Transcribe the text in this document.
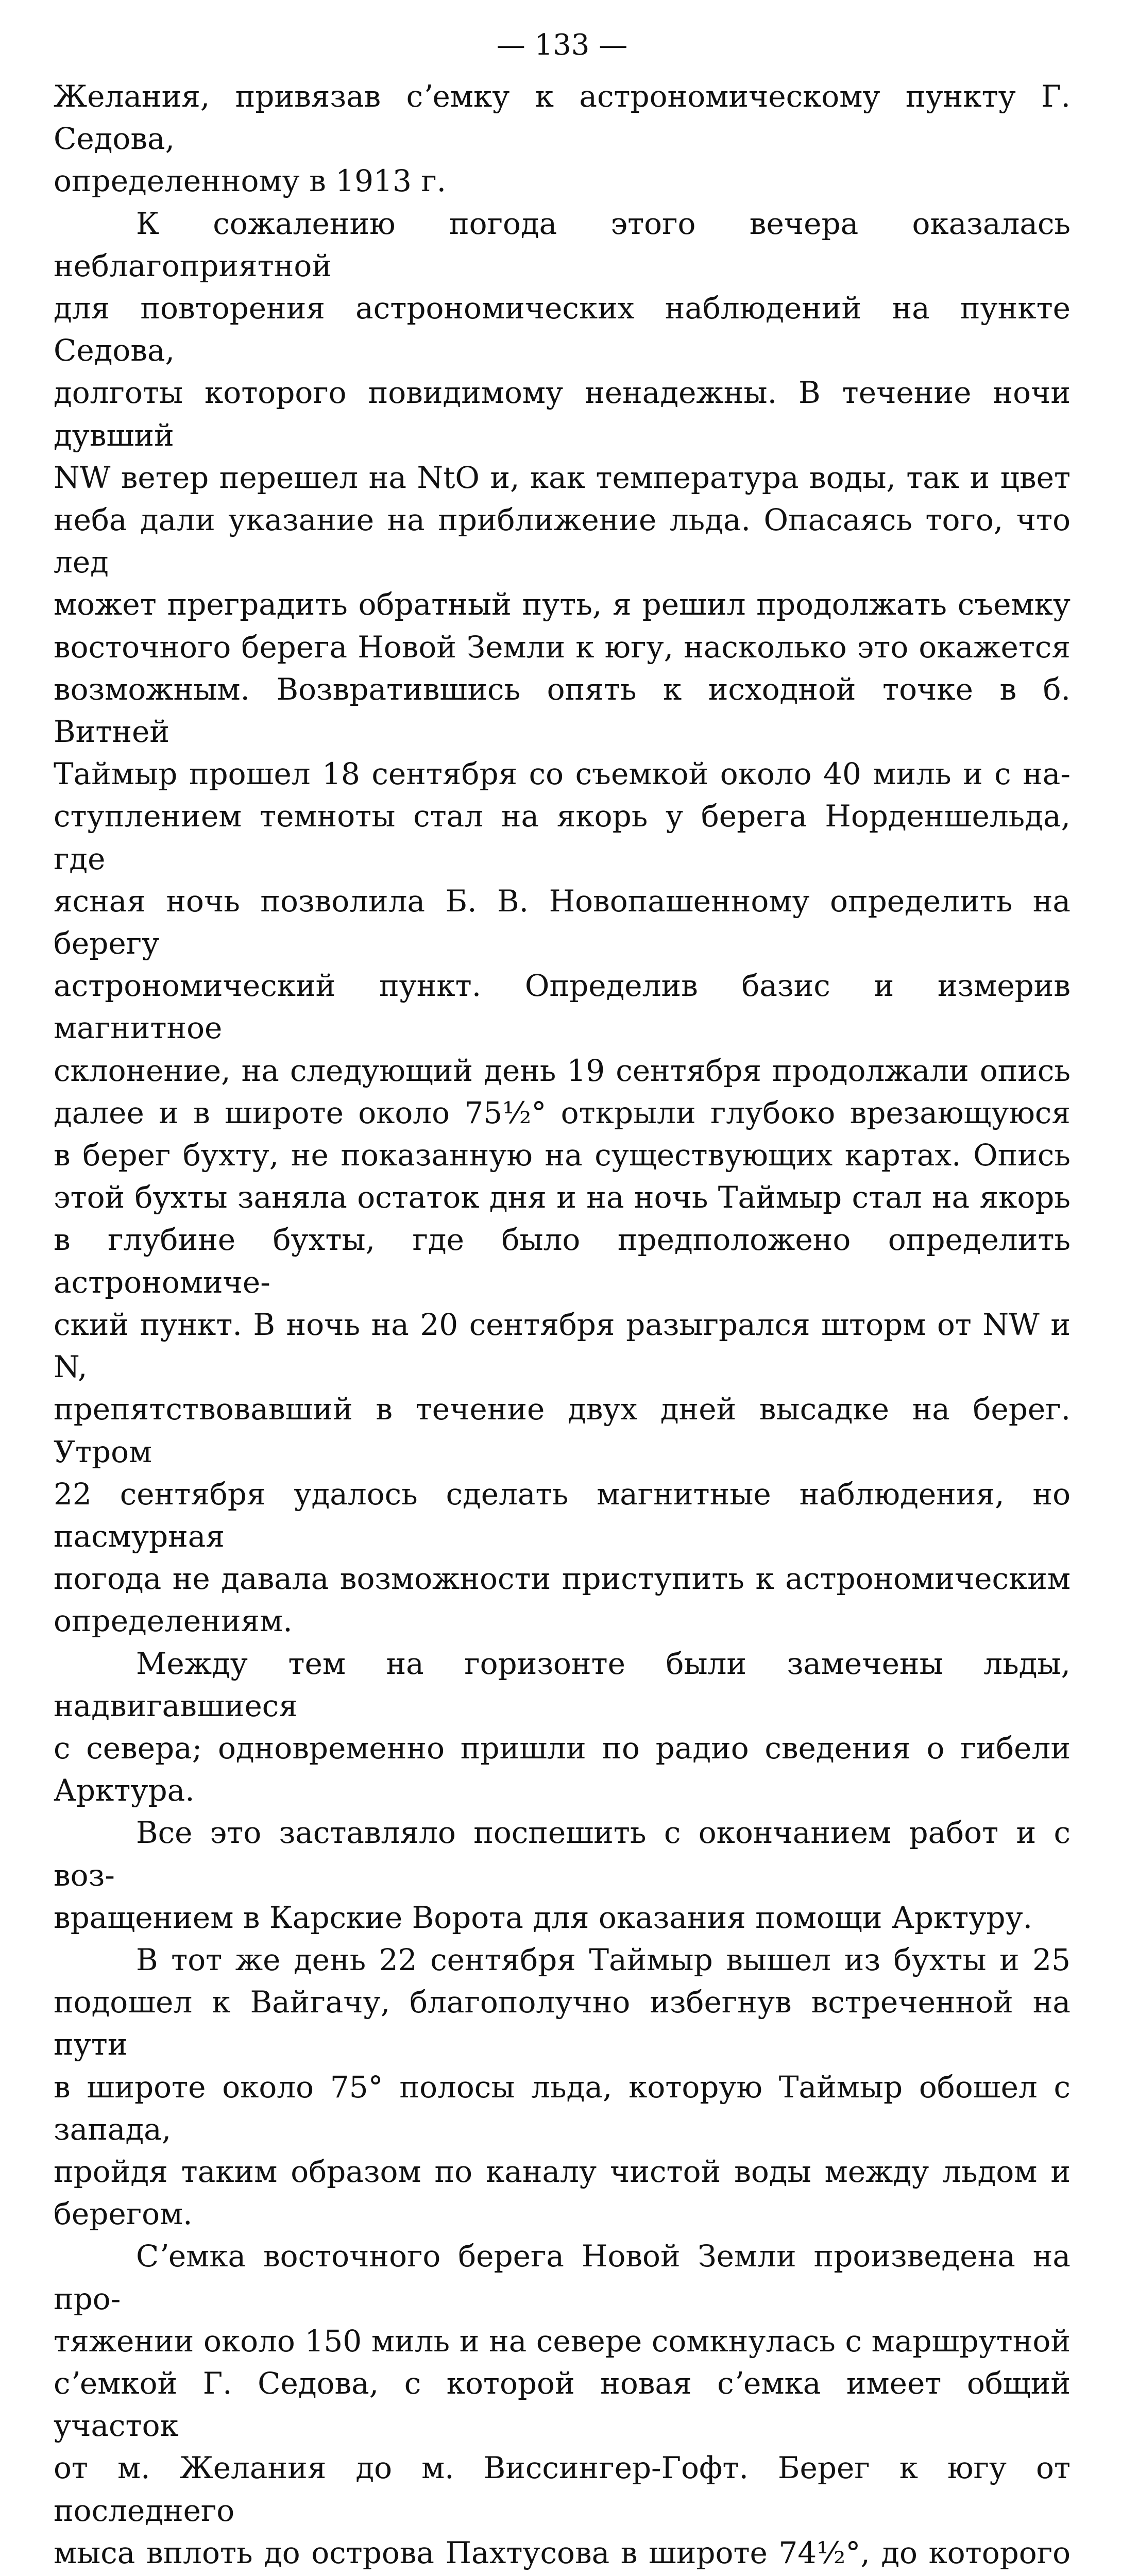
— 133 —
Желания, привязав сʼемку к астрономическому пункту Г. Седова,
определенному в 1913 г.
К сожалению погода этого вечера оказалась неблагоприятной
для повторения астрономических наблюдений на пункте Седова,
долготы которого повидимому ненадежны. В течение ночи дувший
NW ветер перешел на NtO и, как температура воды, так и цвет
неба дали указание на приближение льда. Опасаясь того, что лед
может преградить обратный путь, я решил продолжать съемку
восточного берега Новой Земли к югу, насколько это окажется
возможным. Возвратившись опять к исходной точке в б. Витней
Таймыр прошел 18 сентября со съемкой около 40 миль и с на-
ступлением темноты стал на якорь у берега Норденшельда, где
ясная ночь позволила Б. В. Новопашенному определить на берегу
астрономический пункт. Определив базис и измерив магнитное
склонение, на следующий день 19 сентября продолжали опись
далее и в широте около 75½° открыли глубоко врезающуюся
в берег бухту, не показанную на существующих картах. Опись
этой бухты заняла остаток дня и на ночь Таймыр стал на якорь
в глубине бухты, где было предположено определить астрономиче-
ский пункт. В ночь на 20 сентября разыгрался шторм от NW и N,
препятствовавший в течение двух дней высадке на берег. Утром
22 сентября удалось сделать магнитные наблюдения, но пасмурная
погода не давала возможности приступить к астрономическим
определениям.
Между тем на горизонте были замечены льды, надвигавшиеся
с севера; одновременно пришли по радио сведения о гибели
Арктура.
Все это заставляло поспешить с окончанием работ и с воз-
вращением в Карские Ворота для оказания помощи Арктуру.
В тот же день 22 сентября Таймыр вышел из бухты и 25
подошел к Вайгачу, благополучно избегнув встреченной на пути
в широте около 75° полосы льда, которую Таймыр обошел с запада,
пройдя таким образом по каналу чистой воды между льдом и
берегом.
Сʼемка восточного берега Новой Земли произведена на про-
тяжении около 150 миль и на севере сомкнулась с маршрутной
сʼемкой Г. Седова, с которой новая сʼемка имеет общий участок
от м. Желания до м. Виссингер-Гофт. Берег к югу от последнего
мыса вплоть до острова Пахтусова в широте 74½°, до которого
